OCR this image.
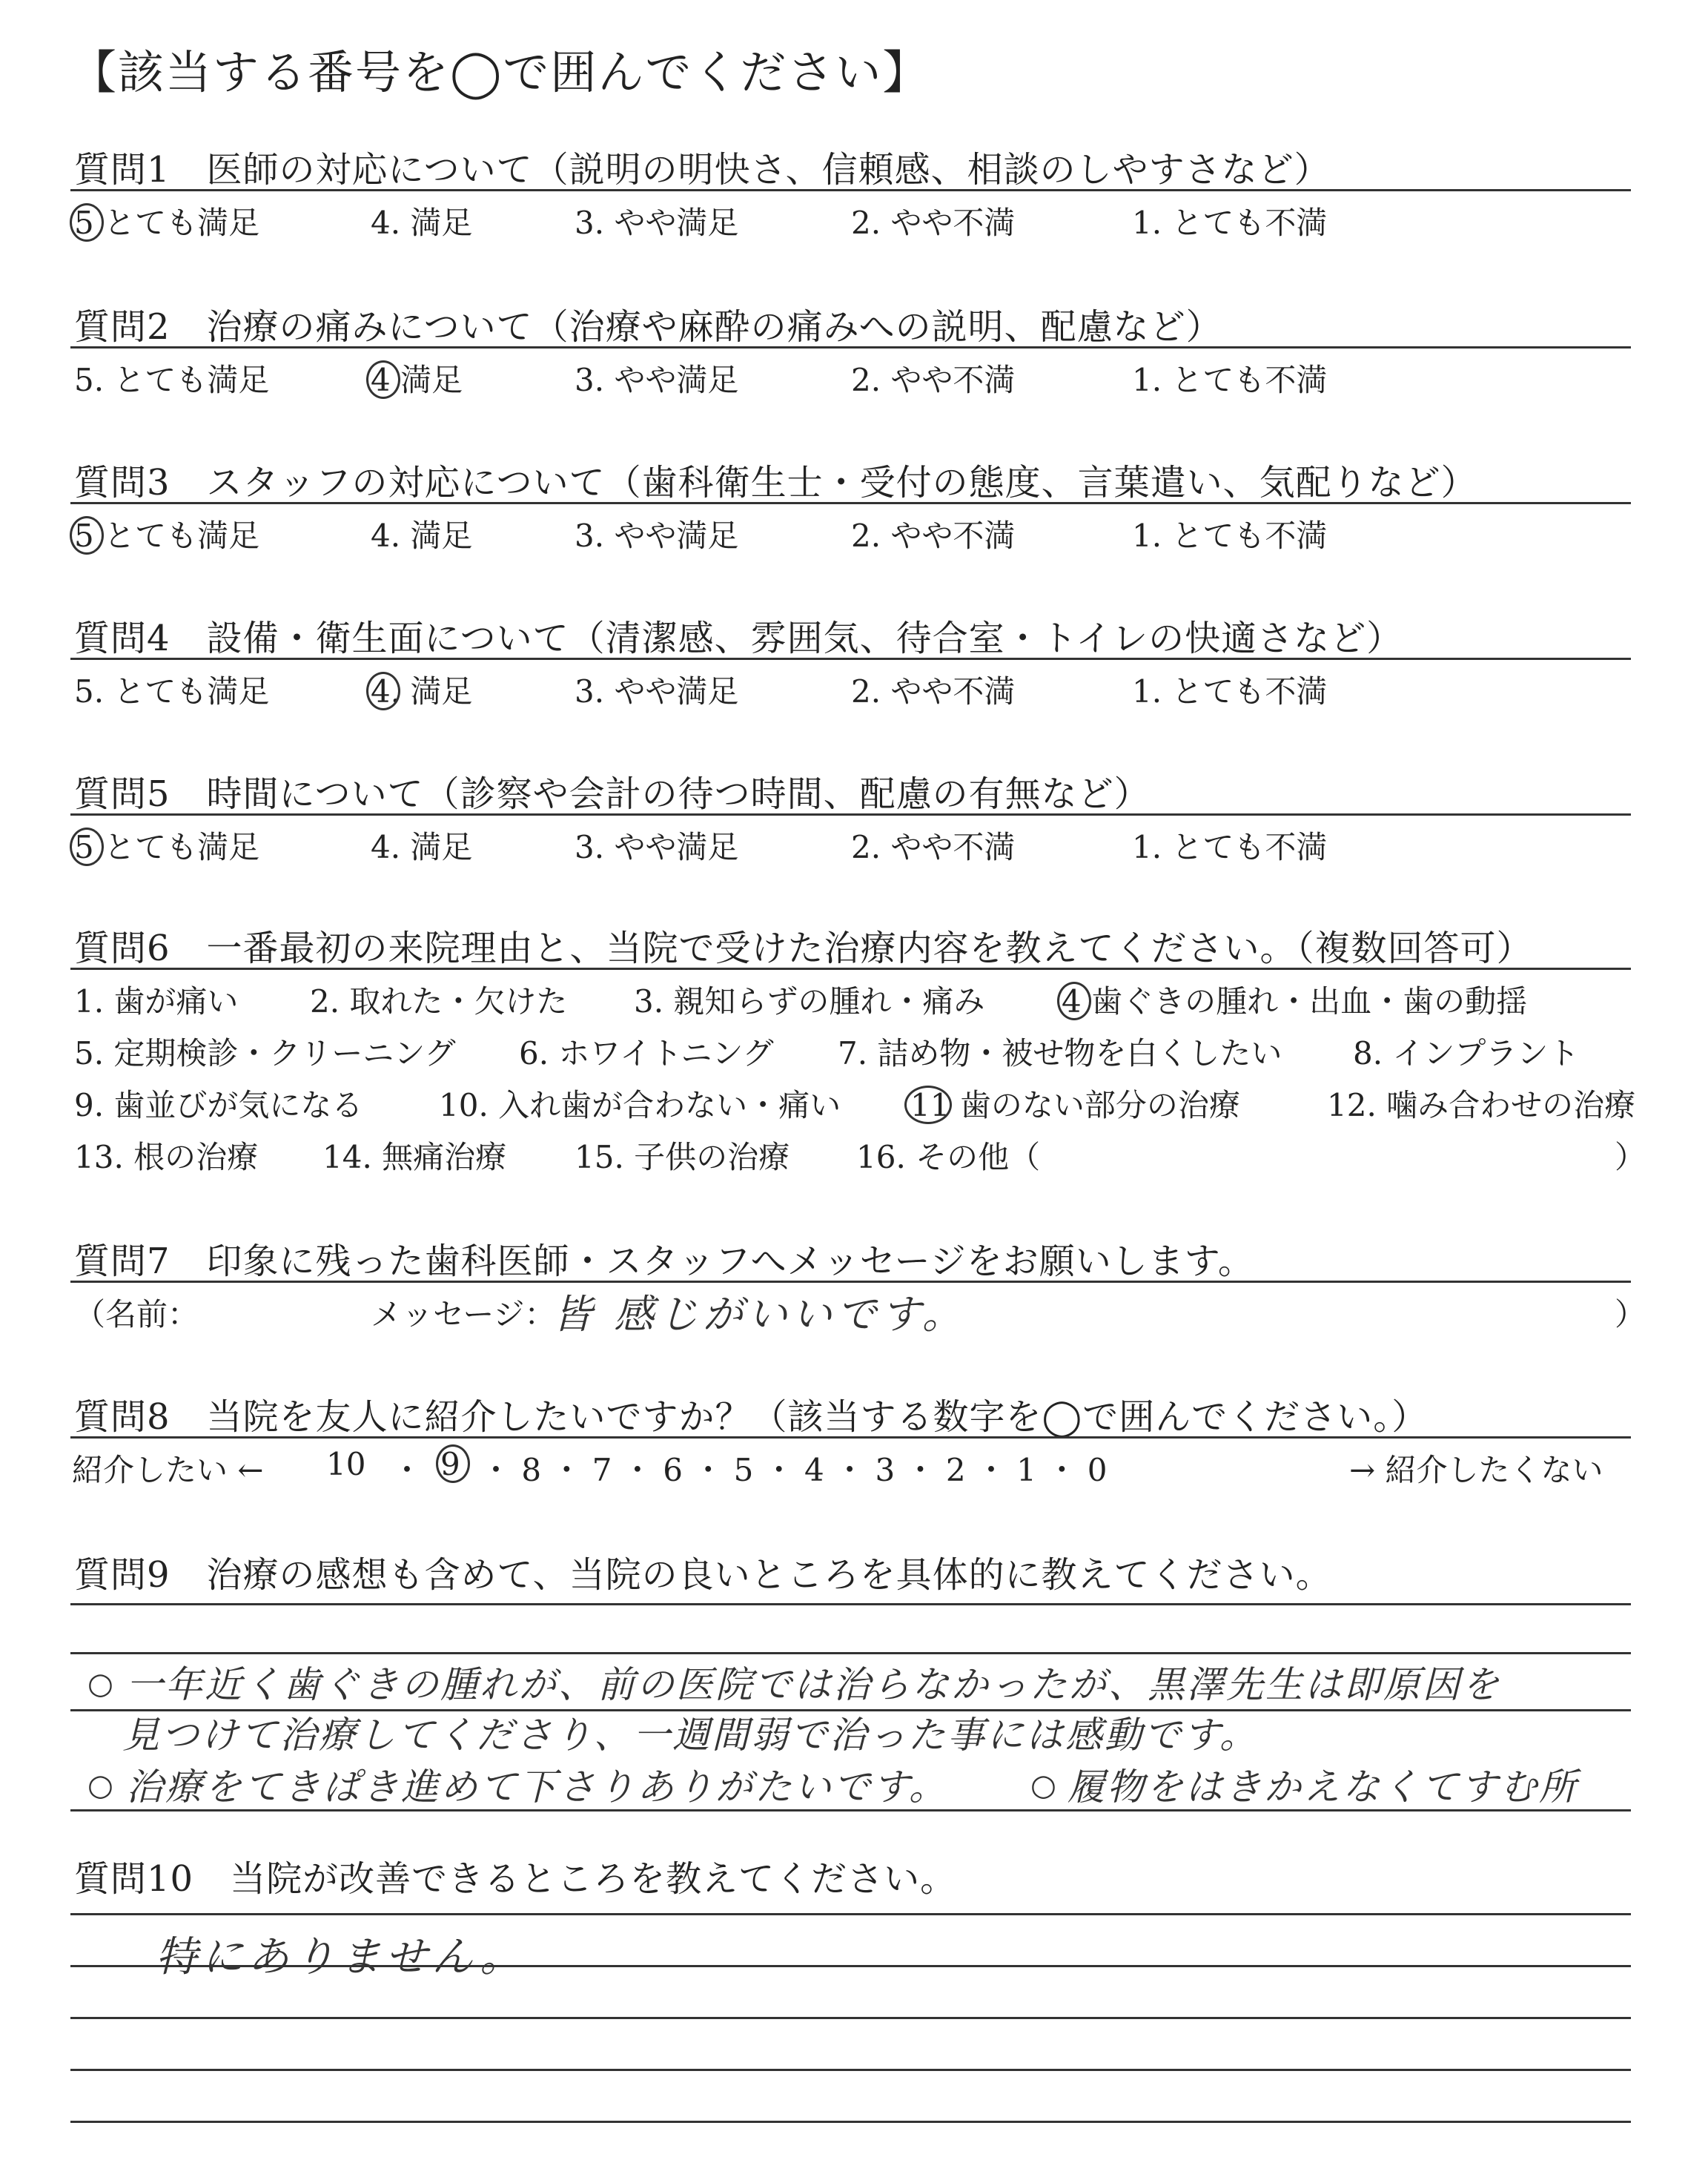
【該当する番号を◯で囲んでください】
質問1　医師の対応について（説明の明快さ、信頼感、相談のしやすさなど）
5 とても満足	4. 満足	3. やや満足	2. やや不満	1. とても不満
質問2　治療の痛みについて（治療や麻酔の痛みへの説明、配慮など）
5. とても満足	4 満足	3. やや満足	2. やや不満	1. とても不満
質問3　スタッフの対応について（歯科衛生士・受付の態度、言葉遣い、気配りなど）
5 とても満足	4. 満足	3. やや満足	2. やや不満	1. とても不満
質問4　設備・衛生面について（清潔感、雰囲気、待合室・トイレの快適さなど）
5. とても満足	4. 満足	3. やや満足	2. やや不満	1. とても不満
質問5　時間について（診察や会計の待つ時間、配慮の有無など）
5 とても満足	4. 満足	3. やや満足	2. やや不満	1. とても不満
質問6　一番最初の来院理由と、当院で受けた治療内容を教えてください。（複数回答可）
1. 歯が痛い 2. 取れた・欠けた 3. 親知らずの腫れ・痛み 4 歯ぐきの腫れ・出血・歯の動揺
5. 定期検診・クリーニング 6. ホワイトニング 7. 詰め物・被せ物を白くしたい 8. インプラント
9. 歯並びが気になる 10. 入れ歯が合わない・痛い 11 歯のない部分の治療	12. 噛み合わせの治療
13. 根の治療 14. 無痛治療 15. 子供の治療 16. その他（	）
質問7　印象に残った歯科医師・スタッフへメッセージをお願いします。
（名前：	メッセージ：
皆 感じがいいです。	）
質問8　当院を友人に紹介したいですか？（該当する数字を◯で囲んでください。）
紹介したい ← 10 ・ 9 ・ 8 ・ 7 ・ 6 ・ 5 ・ 4 ・ 3 ・ 2 ・ 1 ・ 0	→ 紹介したくない
質問9　治療の感想も含めて、当院の良いところを具体的に教えてください。
○ 一年近く歯ぐきの腫れが、前の医院では治らなかったが、黒澤先生は即原因を
見つけて治療してくださり、一週間弱で治った事には感動です。
○ 治療をてきぱき進めて下さりありがたいです。	○ 履物をはきかえなくてすむ所
質問10　当院が改善できるところを教えてください。
特にありません。
